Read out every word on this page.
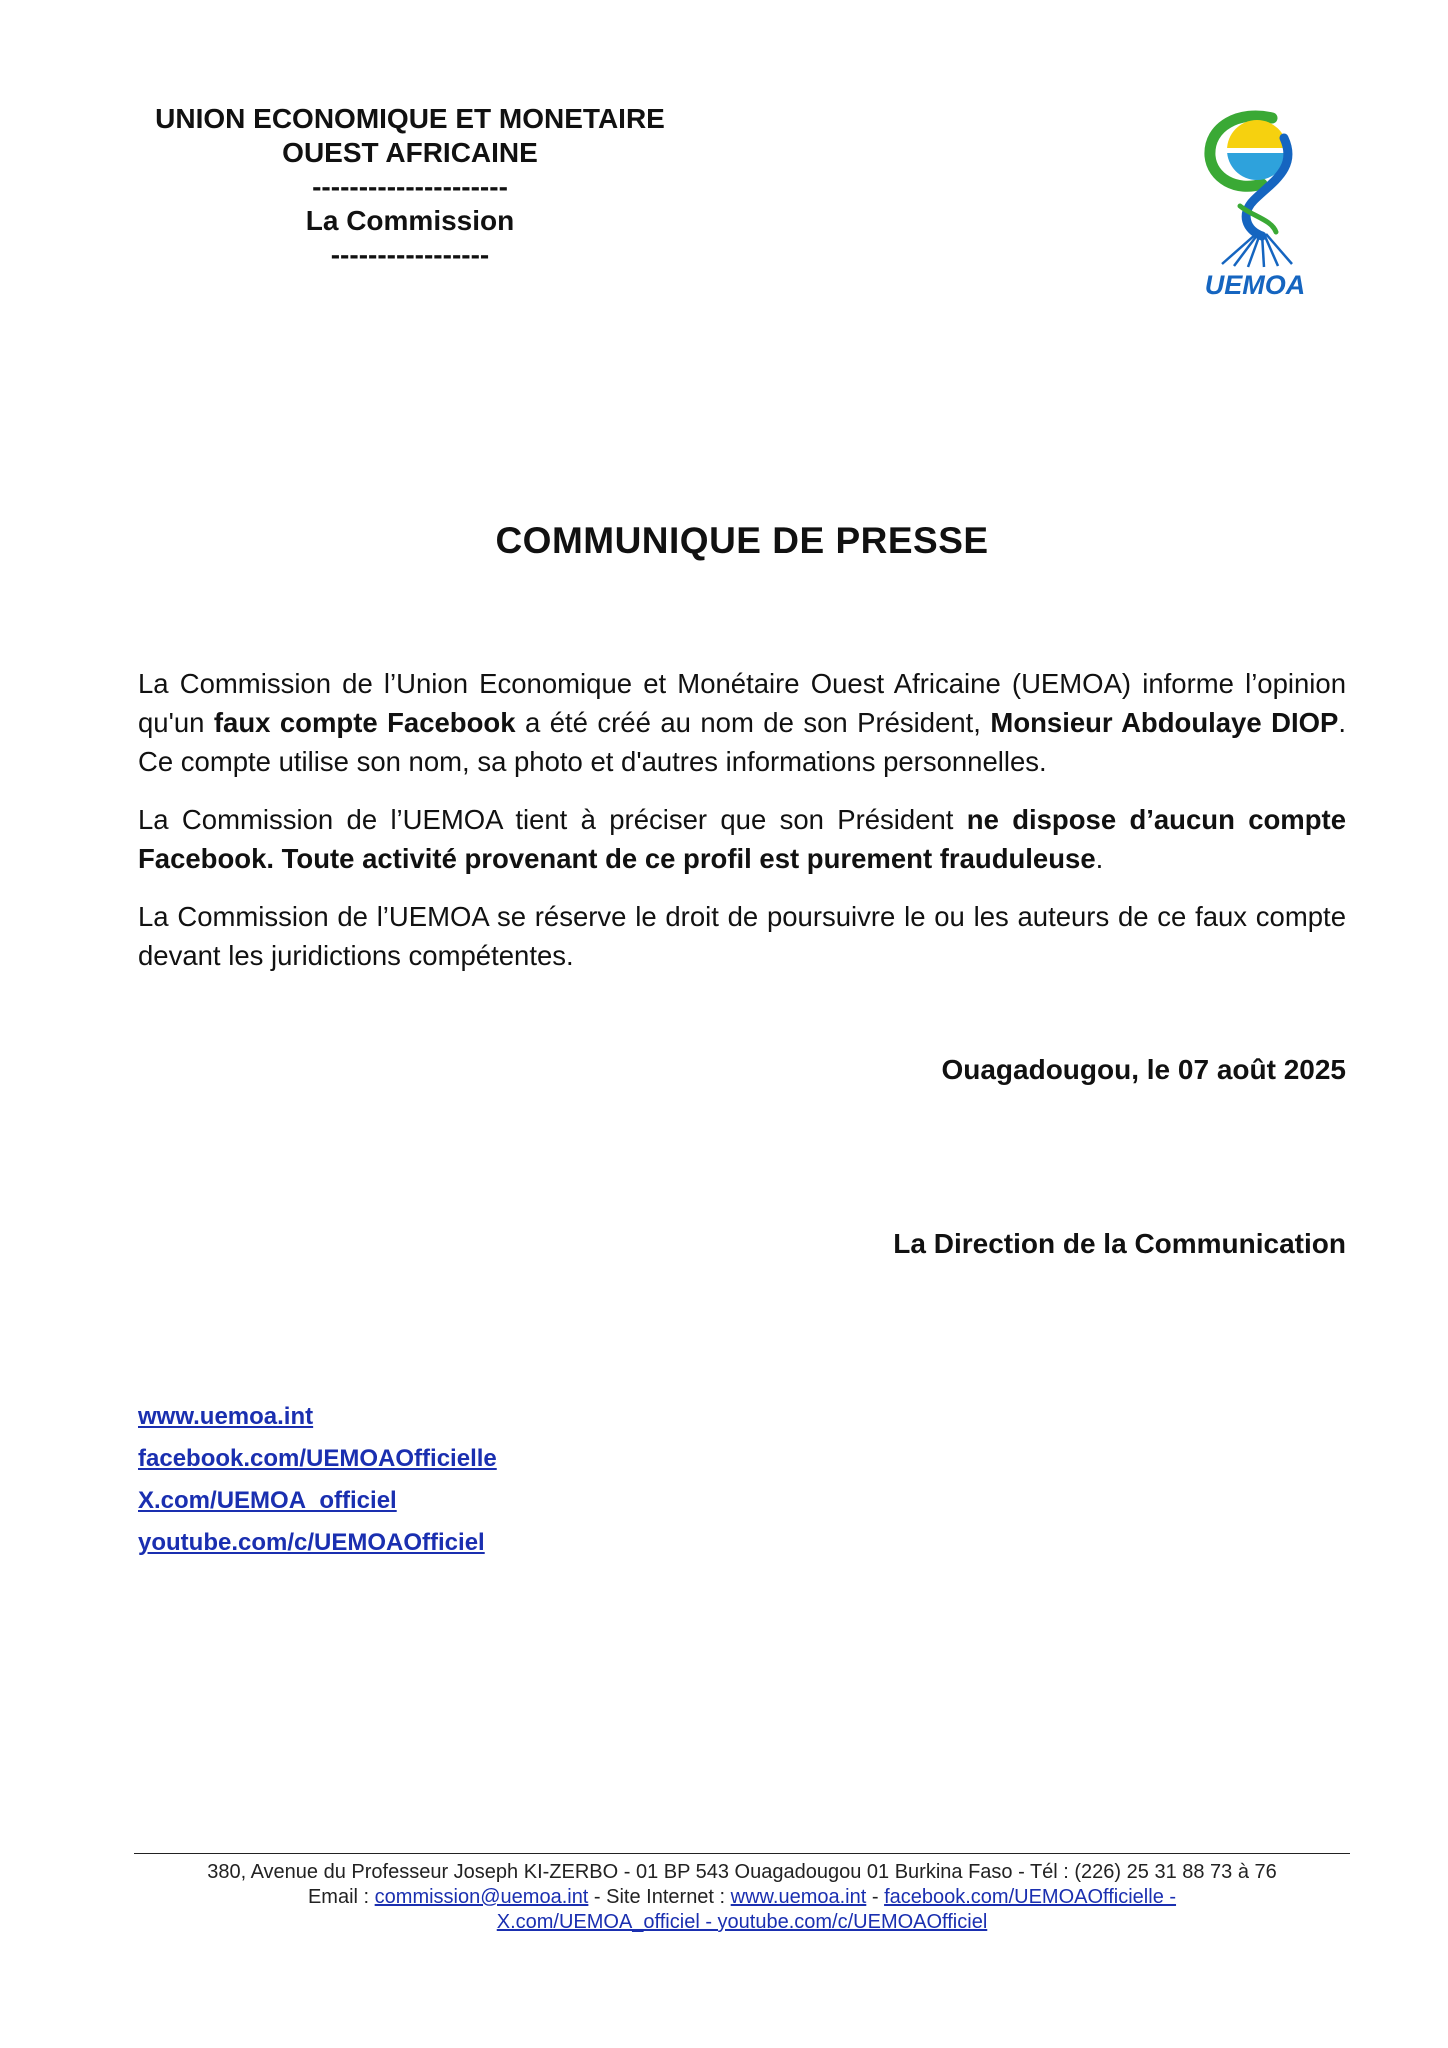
UNION ECONOMIQUE ET MONETAIRE
OUEST AFRICAINE
---------------------
La Commission
-----------------
UEMOA
COMMUNIQUE DE PRESSE

La Commission de l’Union Economique et Monétaire Ouest Africaine (UEMOA) informe l’opinion qu'un faux compte Facebook a été créé au nom de son Président, Monsieur Abdoulaye DIOP. Ce compte utilise son nom, sa photo et d'autres informations personnelles.

La Commission de l’UEMOA tient à préciser que son Président ne dispose d’aucun compte Facebook. Toute activité provenant de ce profil est purement frauduleuse.

La Commission de l’UEMOA se réserve le droit de poursuivre le ou les auteurs de ce faux compte devant les juridictions compétentes.

Ouagadougou, le 07 août 2025
La Direction de la Communication
www.uemoa.int
facebook.com/UEMOAOfficielle
X.com/UEMOA_officiel
youtube.com/c/UEMOAOfficiel
380, Avenue du Professeur Joseph KI-ZERBO - 01 BP 543 Ouagadougou 01 Burkina Faso - Tél : (226) 25 31 88 73 à 76
Email : commission@uemoa.int - Site Internet : www.uemoa.int - facebook.com/UEMOAOfficielle -
X.com/UEMOA_officiel - youtube.com/c/UEMOAOfficiel
